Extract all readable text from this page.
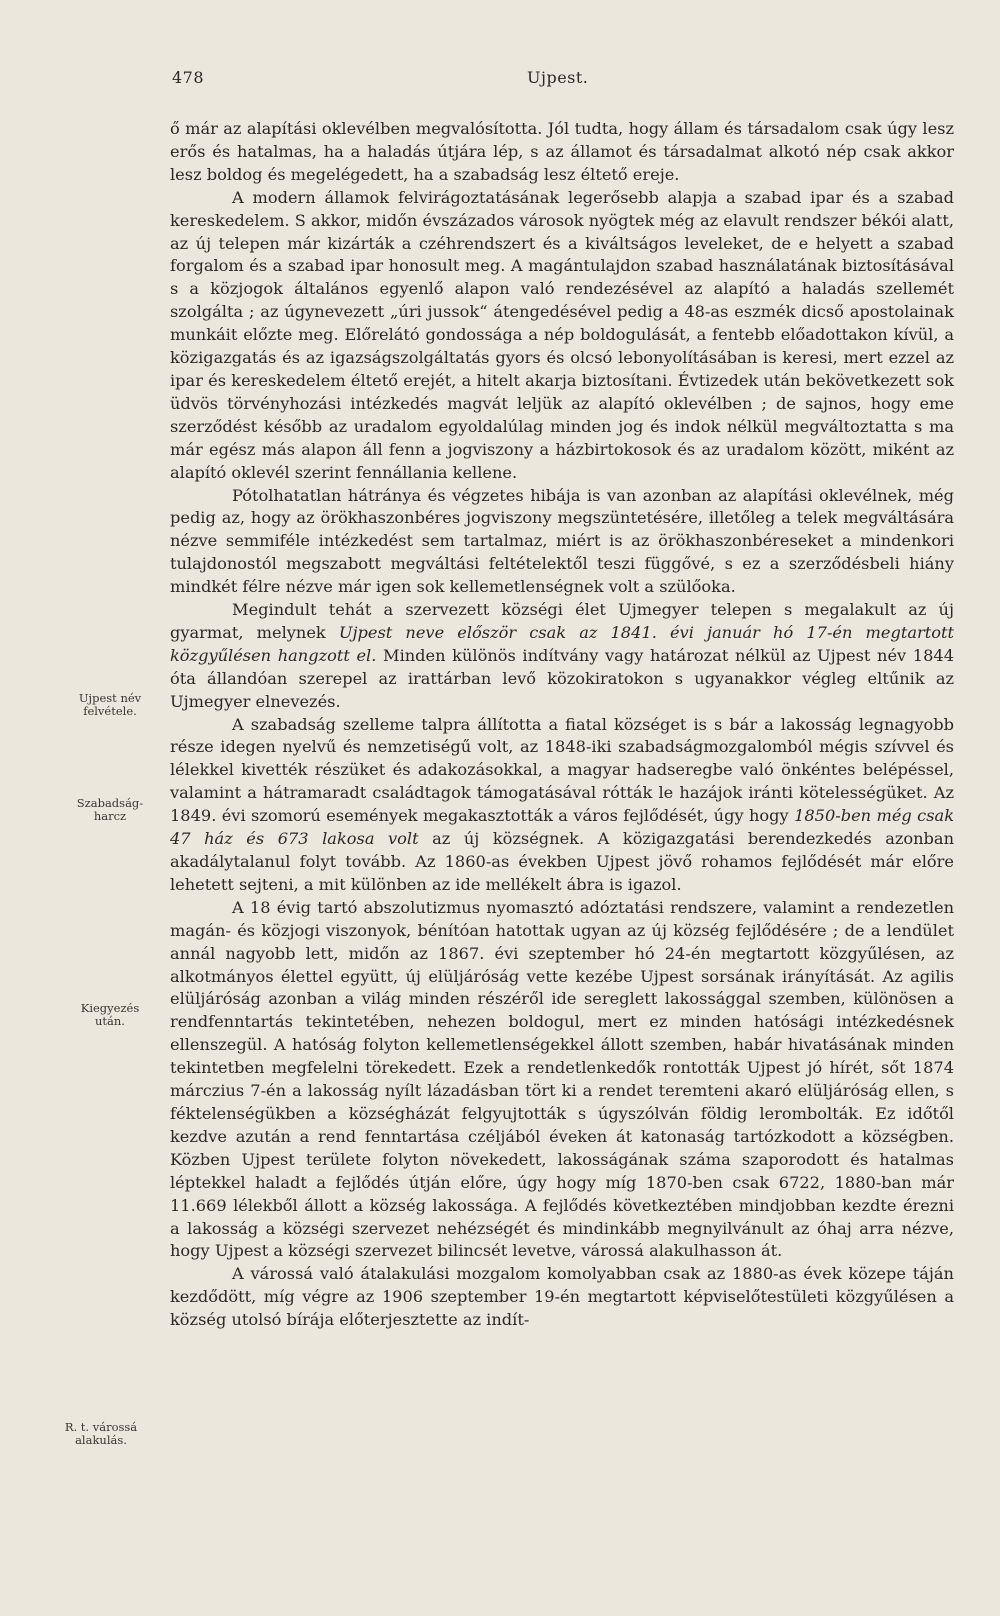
478	Ujpest.
Ujpest név
felvétele.
Szabadság-
harcz
Kiegyezés
után.
R. t. várossá
alakulás.

ő már az alapítási oklevélben megvalósította. Jól tudta, hogy állam és társadalom csak úgy lesz erős és hatalmas, ha a haladás útjára lép, s az államot és társadalmat alkotó nép csak akkor lesz boldog és megelégedett, ha a szabadság lesz éltető ereje.

A modern államok felvirágoztatásának legerősebb alapja a szabad ipar és a szabad kereskedelem. S akkor, midőn évszázados városok nyögtek még az elavult rendszer békói alatt, az új telepen már kizárták a czéhrendszert és a kiváltságos leveleket, de e helyett a szabad forgalom és a szabad ipar honosult meg. A magántulajdon szabad használatának biztosításával s a közjogok általános egyenlő alapon való rendezésével az alapító a haladás szellemét szolgálta ; az úgynevezett „úri jussok“ átengedésével pedig a 48-as eszmék dicső apostolainak munkáit előzte meg. Előrelátó gondossága a nép boldogulását, a fentebb előadottakon kívül, a közigazgatás és az igazságszolgáltatás gyors és olcsó lebonyolításában is keresi, mert ezzel az ipar és kereskedelem éltető erejét, a hitelt akarja biztosítani. Évtizedek után bekövetkezett sok üdvös törvényhozási intézkedés magvát leljük az alapító oklevélben ; de sajnos, hogy eme szerződést később az uradalom egyoldalúlag minden jog és indok nélkül megváltoztatta s ma már egész más alapon áll fenn a jogviszony a házbirtokosok és az uradalom között, miként az alapító oklevél szerint fennállania kellene.

Pótolhatatlan hátránya és végzetes hibája is van azonban az alapítási oklevélnek, még pedig az, hogy az örökhaszonbéres jogviszony megszüntetésére, illetőleg a telek megváltására nézve semmiféle intézkedést sem tartalmaz, miért is az örökhaszonbéreseket a mindenkori tulajdonostól megszabott megváltási feltételektől teszi függővé, s ez a szerződésbeli hiány mindkét félre nézve már igen sok kellemetlenségnek volt a szülőoka.

Megindult tehát a szervezett községi élet Ujmegyer telepen s megalakult az új gyarmat, melynek Ujpest neve először csak az 1841. évi január hó 17-én megtartott közgyűlésen hangzott el. Minden különös indítvány vagy határozat nélkül az Ujpest név 1844 óta állandóan szerepel az irattárban levő közokiratokon s ugyanakkor végleg eltűnik az Ujmegyer elnevezés.

A szabadság szelleme talpra állította a fiatal községet is s bár a lakosság legnagyobb része idegen nyelvű és nemzetiségű volt, az 1848-iki szabadságmozgalomból mégis szívvel és lélekkel kivették részüket és adakozásokkal, a magyar hadseregbe való önkéntes belépéssel, valamint a hátramaradt családtagok támogatásával rótták le hazájok iránti kötelességüket. Az 1849. évi szomorú események megakasztották a város fejlődését, úgy hogy 1850-ben még csak 47 ház és 673 lakosa volt az új községnek. A közigazgatási berendezkedés azonban akadálytalanul folyt tovább. Az 1860-as években Ujpest jövő rohamos fejlődését már előre lehetett sejteni, a mit különben az ide mellékelt ábra is igazol.

A 18 évig tartó abszolutizmus nyomasztó adóztatási rendszere, valamint a rendezetlen magán- és közjogi viszonyok, bénítóan hatottak ugyan az új község fejlődésére ; de a lendület annál nagyobb lett, midőn az 1867. évi szeptember hó 24-én megtartott közgyűlésen, az alkotmányos élettel együtt, új elüljáróság vette kezébe Ujpest sorsának irányítását. Az agilis elüljáróság azonban a világ minden részéről ide sereglett lakossággal szemben, különösen a rendfenntartás tekintetében, nehezen boldogul, mert ez minden hatósági intézkedésnek ellenszegül. A hatóság folyton kellemetlenségekkel állott szemben, habár hivatásának minden tekintetben megfelelni törekedett. Ezek a rendetlenkedők rontották Ujpest jó hírét, sőt 1874 márczius 7-én a lakosság nyílt lázadásban tört ki a rendet teremteni akaró elüljáróság ellen, s féktelenségükben a községházát felgyujtották s úgyszólván földig lerombolták. Ez időtől kezdve azután a rend fenntartása czéljából éveken át katonaság tartózkodott a községben. Közben Ujpest területe folyton növekedett, lakosságának száma szaporodott és hatalmas léptekkel haladt a fejlődés útján előre, úgy hogy míg 1870-ben csak 6722, 1880-ban már 11.669 lélekből állott a község lakossága. A fejlődés következtében mindjobban kezdte érezni a lakosság a községi szervezet nehézségét és mindinkább megnyilvánult az óhaj arra nézve, hogy Ujpest a községi szervezet bilincsét levetve, várossá alakulhasson át.

A várossá való átalakulási mozgalom komolyabban csak az 1880-as évek közepe táján kezdődött, míg végre az 1906 szeptember 19-én megtartott képviselőtestületi közgyűlésen a község utolsó bírája előterjesztette az indít-
